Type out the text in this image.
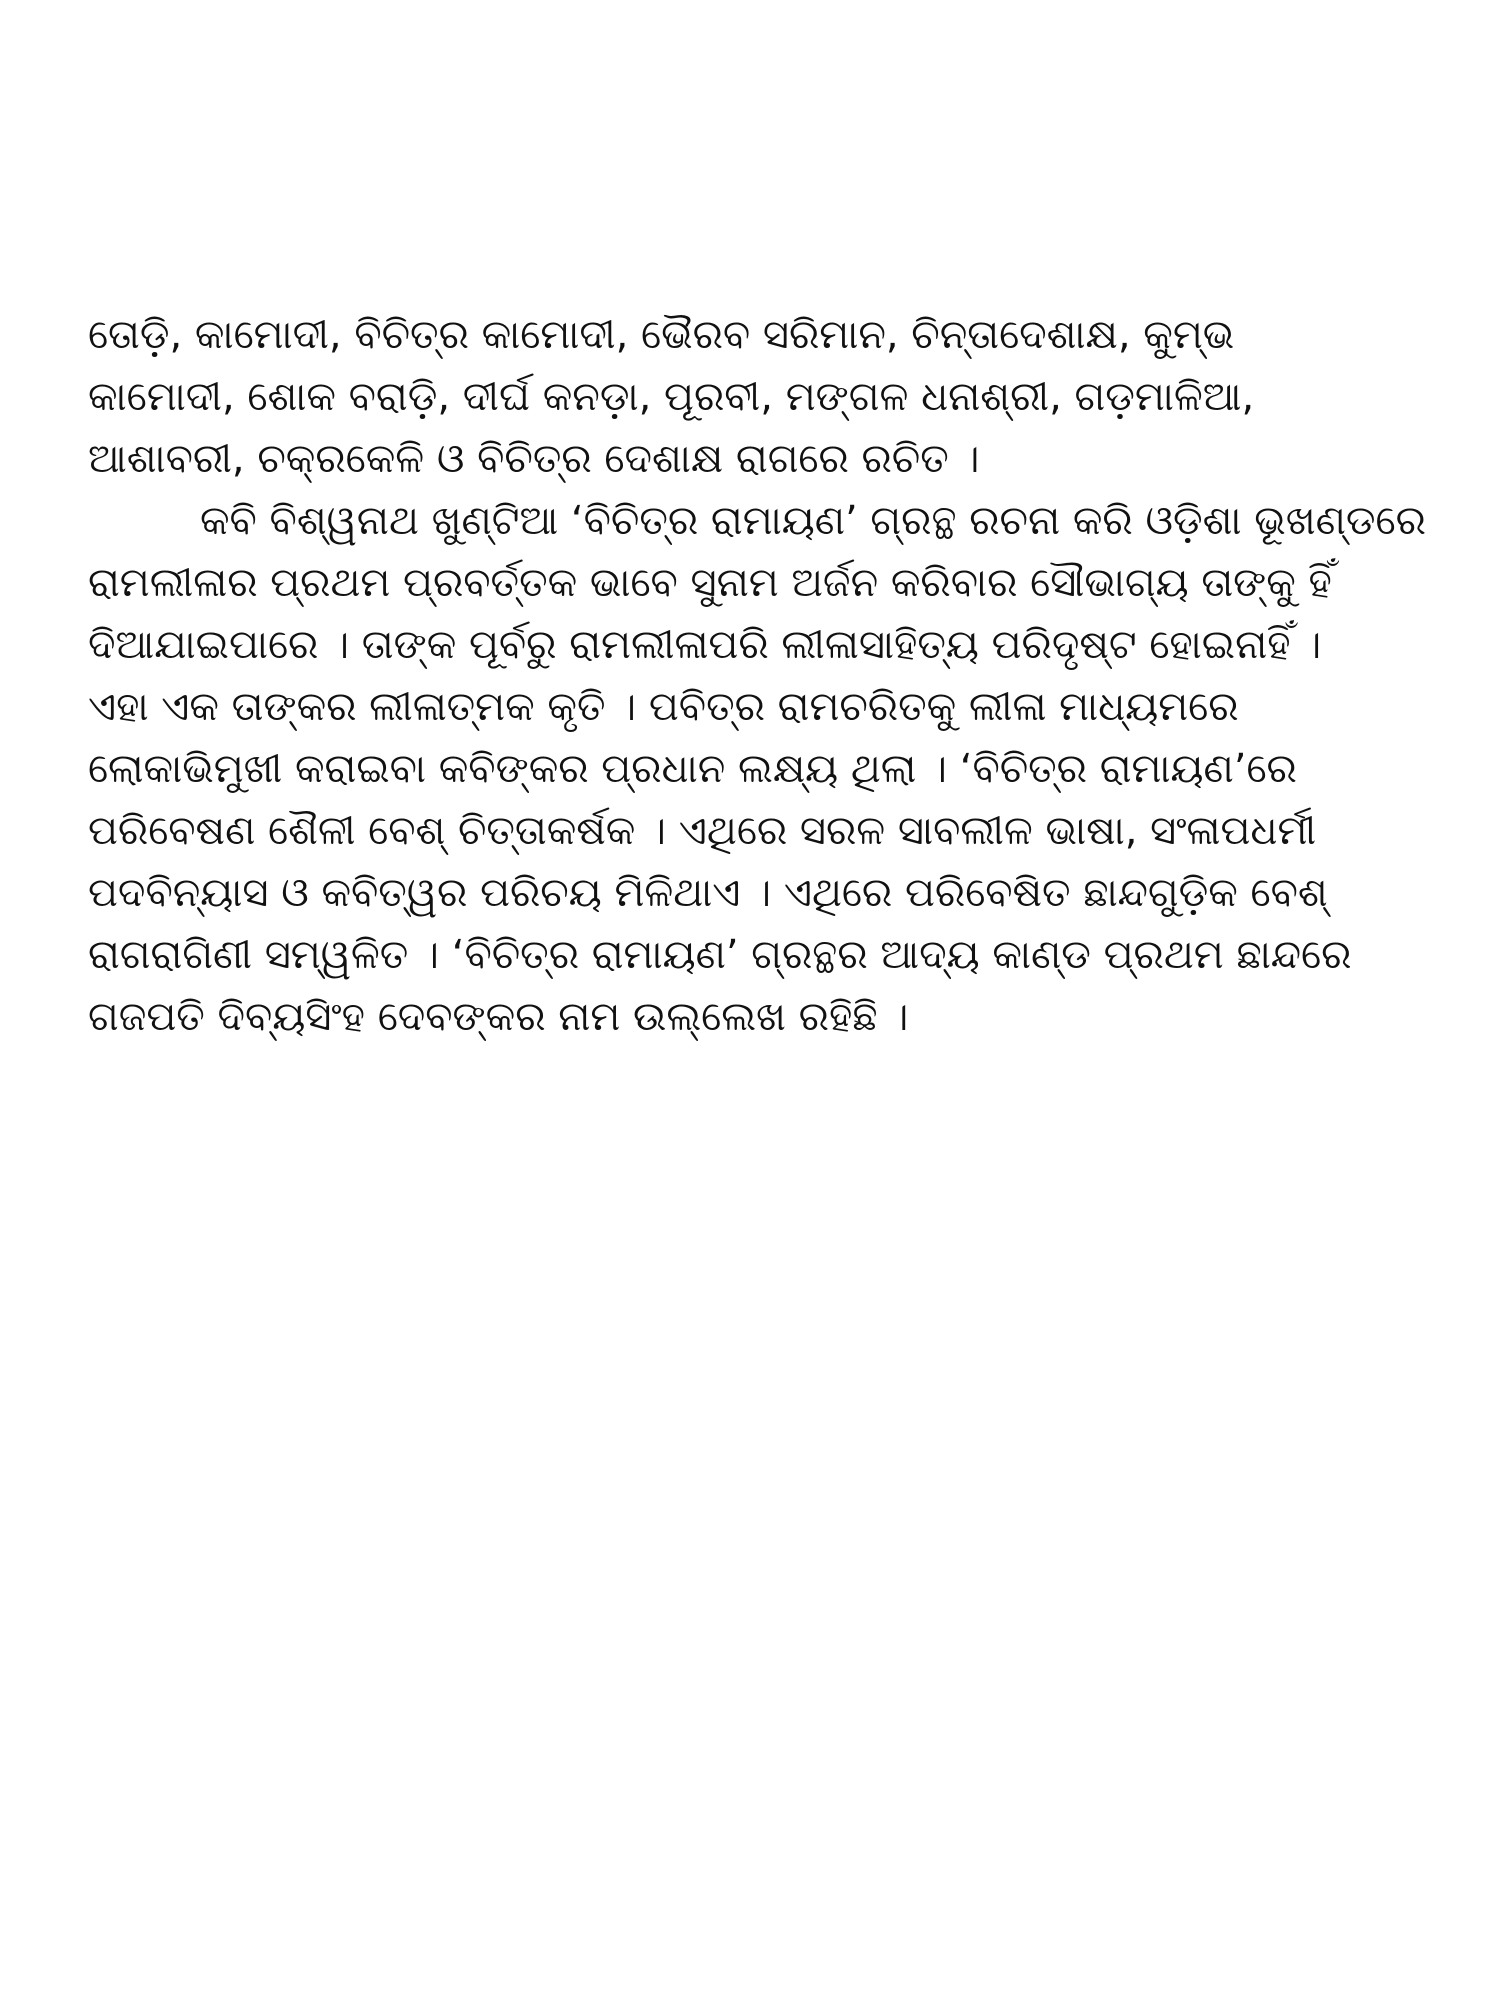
ତୋଡ଼ି, କାମୋଦୀ, ବିଚିତ୍ର କାମୋଦୀ, ଭୈରବ ସରିମାନ, ଚିନ୍ତାଦେଶାକ୍ଷ, କୁମ୍ଭ
କାମୋଦୀ, ଶୋକ ବରାଡ଼ି, ଦୀର୍ଘ କନଡ଼ା, ପୂରବୀ, ମଙ୍ଗଳ ଧନାଶ୍ରୀ, ଗଡ଼ମାଳିଆ,
ଆଶାବରୀ, ଚକ୍ରକେଳି ଓ ବିଚିତ୍ର ଦେଶାକ୍ଷ ରାଗରେ ରଚିତ ।
କବି ବିଶ୍ୱନାଥ ଖୁଣ୍ଟିଆ ‘ବିଚିତ୍ର ରାମାୟଣ’ ଗ୍ରନ୍ଥ ରଚନା କରି ଓଡ଼ିଶା ଭୂଖଣ୍ଡରେ
ରାମଲୀଳାର ପ୍ରଥମ ପ୍ରବର୍ତ୍ତକ ଭାବେ ସୁନାମ ଅର୍ଜନ କରିବାର ସୌଭାଗ୍ୟ ତାଙ୍କୁ ହିଁ
ଦିଆଯାଇପାରେ । ତାଙ୍କ ପୂର୍ବରୁ ରାମଲୀଳାପରି ଲୀଳାସାହିତ୍ୟ ପରିଦୃଷ୍ଟ ହୋଇନାହିଁ ।
ଏହା ଏକ ତାଙ୍କର ଲୀଳାତ୍ମକ କୃତି । ପବିତ୍ର ରାମଚରିତକୁ ଲୀଳା ମାଧ୍ୟମରେ
ଲୋକାଭିମୁଖୀ କରାଇବା କବିଙ୍କର ପ୍ରଧାନ ଲକ୍ଷ୍ୟ ଥିଲା । ‘ବିଚିତ୍ର ରାମାୟଣ’ରେ
ପରିବେଷଣ ଶୈଳୀ ବେଶ୍ ଚିତ୍ତାକର୍ଷକ । ଏଥିରେ ସରଳ ସାବଲୀଳ ଭାଷା, ସଂଳାପଧର୍ମୀ
ପଦବିନ୍ୟାସ ଓ କବିତ୍ୱର ପରିଚୟ ମିଳିଥାଏ । ଏଥିରେ ପରିବେଷିତ ଛାନ୍ଦଗୁଡ଼ିକ ବେଶ୍
ରାଗରାଗିଣୀ ସମ୍ୱଳିତ । ‘ବିଚିତ୍ର ରାମାୟଣ’ ଗ୍ରନ୍ଥର ଆଦ୍ୟ କାଣ୍ଡ ପ୍ରଥମ ଛାନ୍ଦରେ
ଗଜପତି ଦିବ୍ୟସିଂହ ଦେବଙ୍କର ନାମ ଉଲ୍ଲେଖ ରହିଛି ।
